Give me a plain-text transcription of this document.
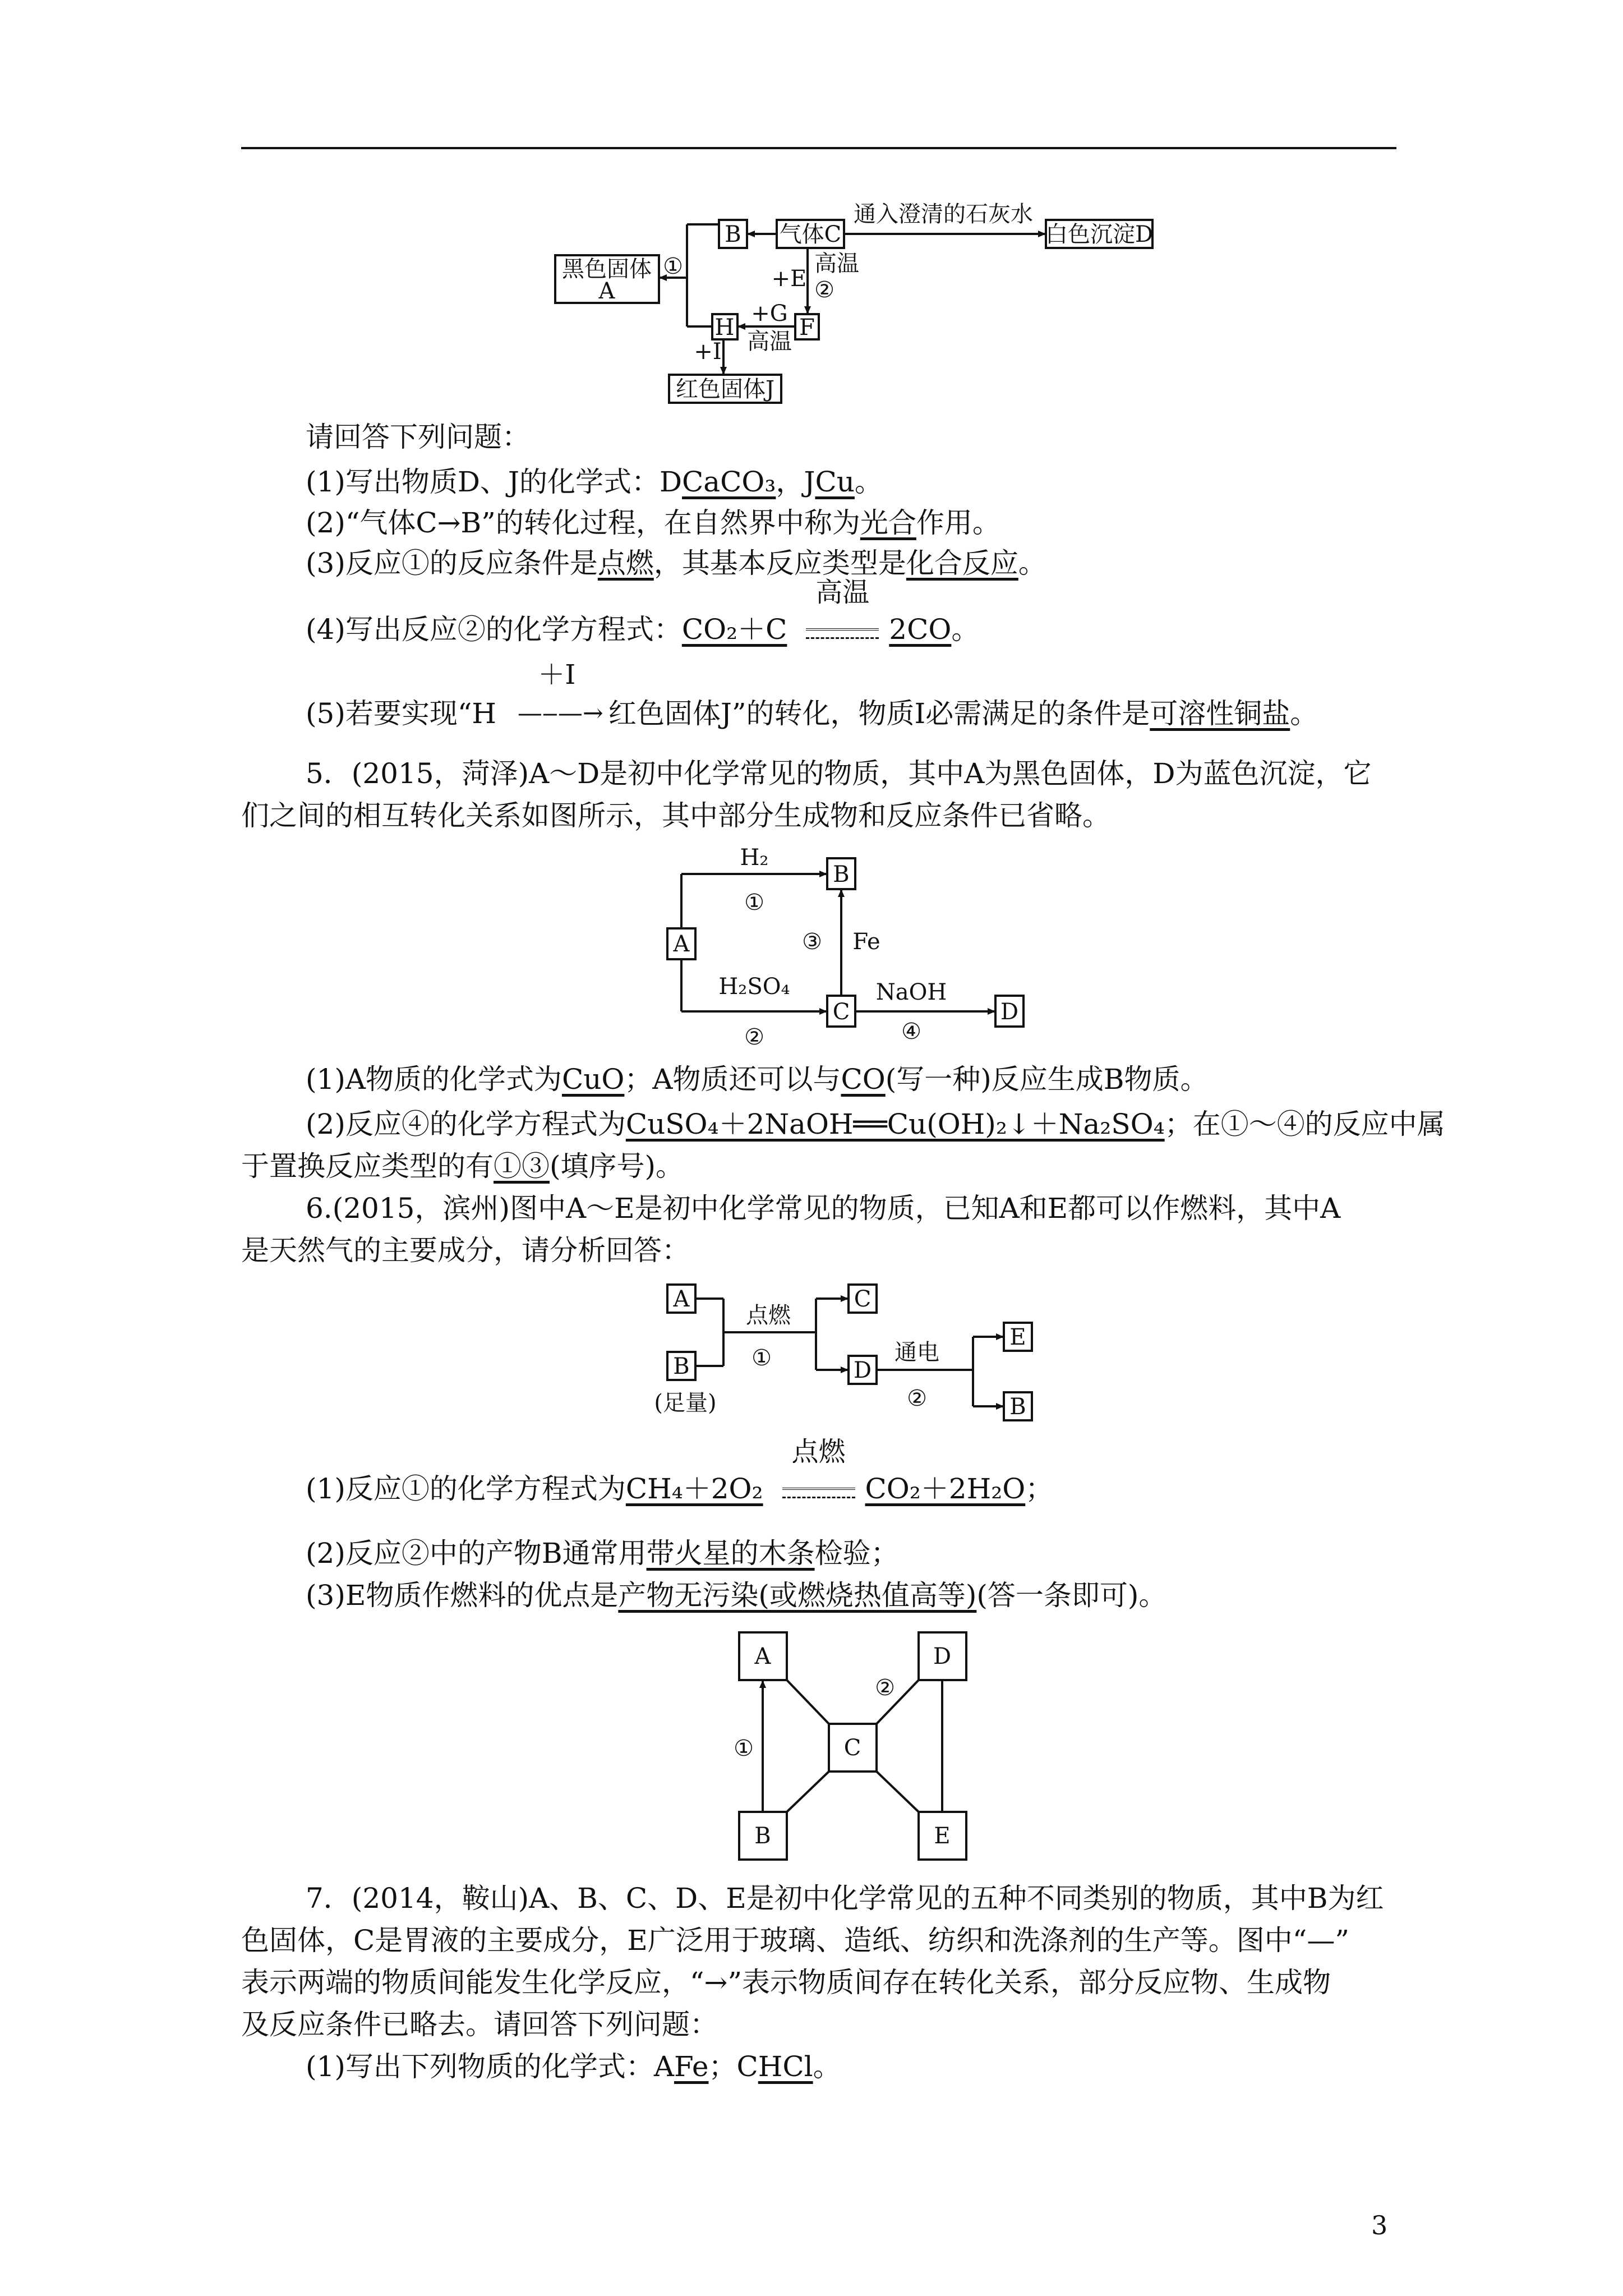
黑色固体
A
B 气体C
通入澄清的石灰水
白色沉淀D
①	+E
高温
②
F
+G
高温
H
+I
红色固体J
请回答下列问题：
(1)写出物质D、J的化学式：DCaCO₃，JCu。
(2)“气体C→B”的转化过程，在自然界中称为光合作用。
(3)反应①的反应条件是点燃，其基本反应类型是化合反应。
(4)写出反应②的化学方程式：CO₂＋C
高温
2CO。
(5)若要实现“H
＋I
—‒—→ 红色固体J”的转化，物质I必需满足的条件是可溶性铜盐。
5．(2015，菏泽)A～D是初中化学常见的物质，其中A为黑色固体，D为蓝色沉淀，它
们之间的相互转化关系如图所示，其中部分生成物和反应条件已省略。
A
B
C	D
H₂
①
H₂SO₄
②
③ Fe
NaOH
④
(1)A物质的化学式为CuO；A物质还可以与CO(写一种)反应生成B物质。
(2)反应④的化学方程式为CuSO₄＋2NaOH══Cu(OH)₂↓＋Na₂SO₄；在①～④的反应中属
于置换反应类型的有①③(填序号)。
6.(2015，滨州)图中A～E是初中化学常见的物质，已知A和E都可以作燃料，其中A
是天然气的主要成分，请分析回答：
A
B
(足量)
C
D
E
B
点燃
①	通电
②
(1)反应①的化学方程式为CH₄＋2O₂
点燃
CO₂＋2H₂O；
(2)反应②中的产物B通常用带火星的木条检验；
(3)E物质作燃料的优点是产物无污染(或燃烧热值高等)(答一条即可)。
A	D
C
B	E
①
②
7．(2014，鞍山)A、B、C、D、E是初中化学常见的五种不同类别的物质，其中B为红
色固体，C是胃液的主要成分，E广泛用于玻璃、造纸、纺织和洗涤剂的生产等。图中“—”
表示两端的物质间能发生化学反应，“→”表示物质间存在转化关系，部分反应物、生成物
及反应条件已略去。请回答下列问题：
(1)写出下列物质的化学式：AFe；CHCl。
3
